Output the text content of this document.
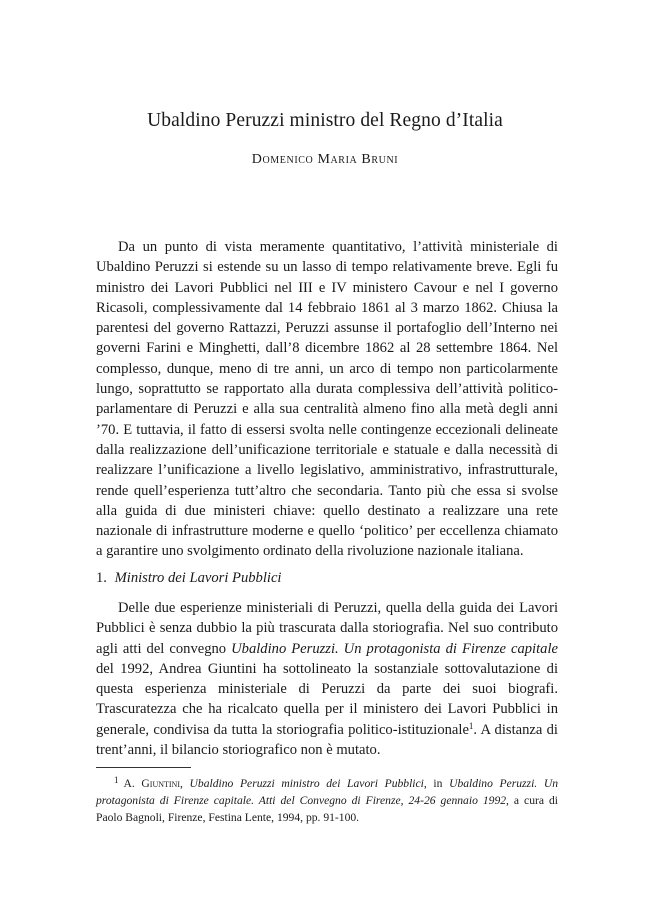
Ubaldino Peruzzi ministro del Regno d’Italia
Domenico Maria Bruni

Da un punto di vista meramente quantitativo, l’attività ministeriale di Ubaldino Peruzzi si estende su un lasso di tempo relativamente breve. Egli fu ministro dei Lavori Pubblici nel III e IV ministero Cavour e nel I governo Ricasoli, complessivamente dal 14 febbraio 1861 al 3 marzo 1862. Chiusa la parentesi del governo Rattazzi, Peruzzi assunse il portafoglio dell’Interno nei governi Farini e Minghetti, dall’8 dicembre 1862 al 28 settembre 1864. Nel complesso, dunque, meno di tre anni, un arco di tempo non particolarmente lungo, soprattutto se rapportato alla durata complessiva dell’attività politico-parlamentare di Peruzzi e alla sua centralità almeno fino alla metà degli anni ’70. E tuttavia, il fatto di essersi svolta nelle contingenze eccezionali delineate dalla realizzazione dell’unificazione territoriale e statuale e dalla necessità di realizzare l’unificazione a livello legislativo, amministrativo, infrastrutturale, rende quell’esperienza tutt’altro che secondaria. Tanto più che essa si svolse alla guida di due ministeri chiave: quello destinato a realizzare una rete nazionale di infrastrutture moderne e quello ‘politico’ per eccellenza chiamato a garantire uno svolgimento ordinato della rivoluzione nazionale italiana.

1. Ministro dei Lavori Pubblici

Delle due esperienze ministeriali di Peruzzi, quella della guida dei Lavori Pubblici è senza dubbio la più trascurata dalla storiografia. Nel suo contributo agli atti del convegno Ubaldino Peruzzi. Un protagonista di Firenze capitale del 1992, Andrea Giuntini ha sottolineato la sostanziale sottovalutazione di questa esperienza ministeriale di Peruzzi da parte dei suoi biografi. Trascuratezza che ha ricalcato quella per il ministero dei Lavori Pubblici in generale, condivisa da tutta la storiografia politico-istituzionale$^1$. A distanza di trent’anni, il bilancio storiografico non è mutato.

$^1$ A. Giuntini, Ubaldino Peruzzi ministro dei Lavori Pubblici, in Ubaldino Peruzzi. Un protagonista di Firenze capitale. Atti del Convegno di Firenze, 24-26 gennaio 1992, a cura di Paolo Bagnoli, Firenze, Festina Lente, 1994, pp. 91-100.
